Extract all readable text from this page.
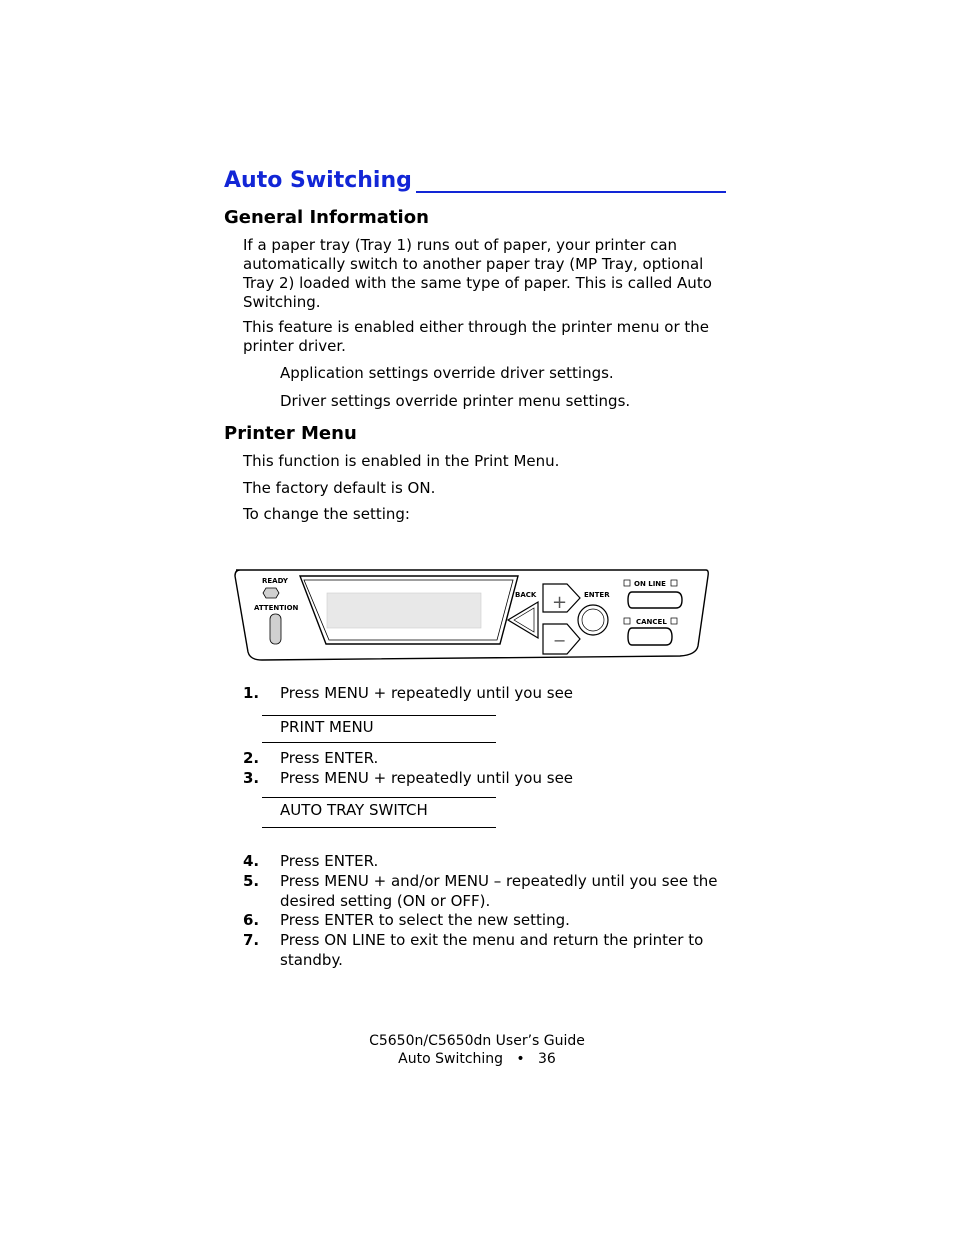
Auto Switching
General Information
If a paper tray (Tray 1) runs out of paper, your printer can automatically switch to another paper tray (MP Tray, optional Tray 2) loaded with the same type of paper. This is called Auto Switching.
This feature is enabled either through the printer menu or the printer driver.
Application settings override driver settings.
Driver settings override printer menu settings.
Printer Menu
This function is enabled in the Print Menu.
The factory default is ON.
To change the setting:
READY
ATTENTION
BACK +
−
ENTER
ON LINE
CANCEL
1. Press MENU + repeatedly until you see
PRINT MENU
2. Press ENTER.
3. Press MENU + repeatedly until you see
AUTO TRAY SWITCH
4. Press ENTER.
5. Press MENU + and/or MENU – repeatedly until you see the desired setting (ON or OFF).
6. Press ENTER to select the new setting.
7. Press ON LINE to exit the menu and return the printer to standby.
C5650n/C5650dn User’s Guide
Auto Switching   •   36
